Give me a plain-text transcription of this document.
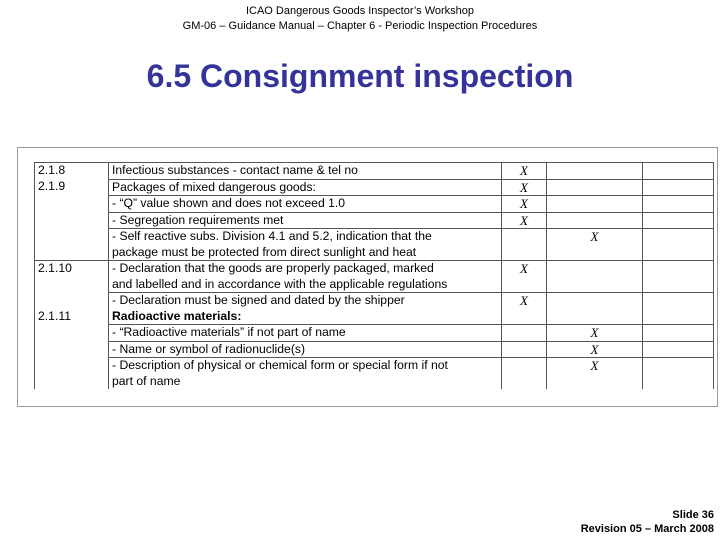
ICAO Dangerous Goods Inspector’s Workshop
GM-06 – Guidance Manual – Chapter 6 - Periodic Inspection Procedures
6.5 Consignment inspection
2.1.8	Infectious substances - contact name & tel no	X		
2.1.9	Packages of mixed dangerous goods:	X		
	- “Q” value shown and does not exceed 1.0	X		
	- Segregation requirements met	X		
	- Self reactive subs. Division 4.1 and 5.2, indication that the
package must be protected from direct sunlight and heat		X	
2.1.10	- Declaration that the goods are properly packaged, marked
and labelled and in accordance with the applicable regulations	X		
	- Declaration must be signed and dated by the shipper	X		
2.1.11	Radioactive materials:			
	- “Radioactive materials” if not part of name		X	
	- Name or symbol of radionuclide(s)		X	
	- Description of physical or chemical form or special form if not
part of name		X	
Slide 36
Revision 05 – March 2008
